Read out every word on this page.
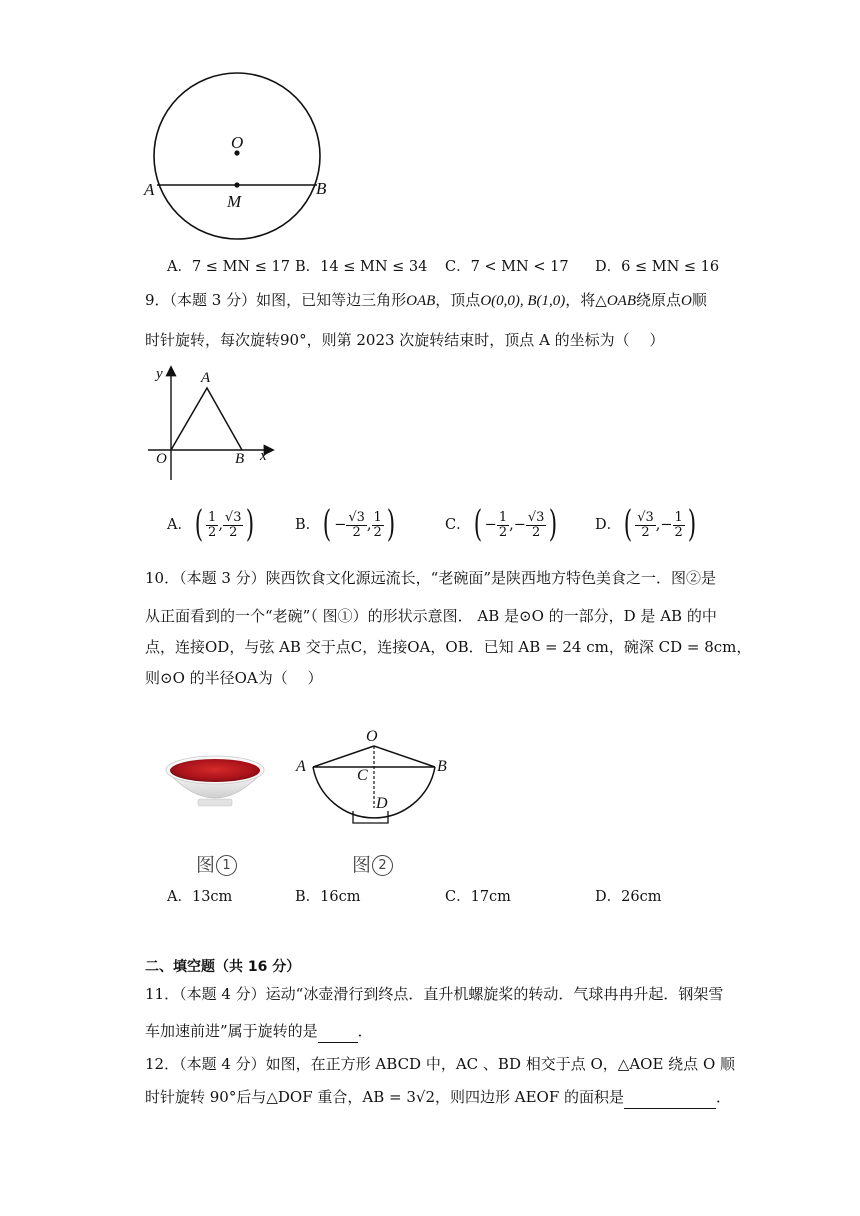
O
A	B
M
A．7 ≤ MN ≤ 17 B．14 ≤ MN ≤ 34 C．7 < MN < 17 D．6 ≤ MN ≤ 16
9．（本题 3 分）如图，已知等边三角形OAB，顶点O(0,0), B(1,0)，将△OAB绕原点O顺
时针旋转，每次旋转90°，则第 2023 次旋转结束时，顶点 A 的坐标为（　 ）
y	A
O	B x
A．( $\frac{1}{2}$ , $\frac{√3}{2}$ )	B．( − $\frac{√3}{2}$ , $\frac{1}{2}$ )	C．( − $\frac{1}{2}$ ,− $\frac{√3}{2}$ )	D．( $\frac{√3}{2}$ ,− $\frac{1}{2}$ )
10．（本题 3 分）陕西饮食文化源远流长，“老碗面”是陕西地方特色美食之一．图②是
从正面看到的一个“老碗”（ 图①）的形状示意图． AB 是⊙O 的一部分，D 是 AB 的中
点，连接OD，与弦 AB 交于点C，连接OA，OB．已知 AB = 24 cm，碗深 CD = 8cm，
则⊙O 的半径OA为（　 ）
O
A	B
C
D
图 1	图 2
A．13cm	B．16cm	C．17cm	D．26cm
二、填空题（共 16 分）
11．（本题 4 分）运动“冰壶滑行到终点．直升机螺旋桨的转动．气球冉冉升起．钢架雪
车加速前进”属于旋转的是	．
12．（本题 4 分）如图，在正方形 ABCD 中，AC 、BD 相交于点 O，△AOE 绕点 O 顺
时针旋转 90°后与△DOF 重合，AB = 3√2，则四边形 AEOF 的面积是	．
